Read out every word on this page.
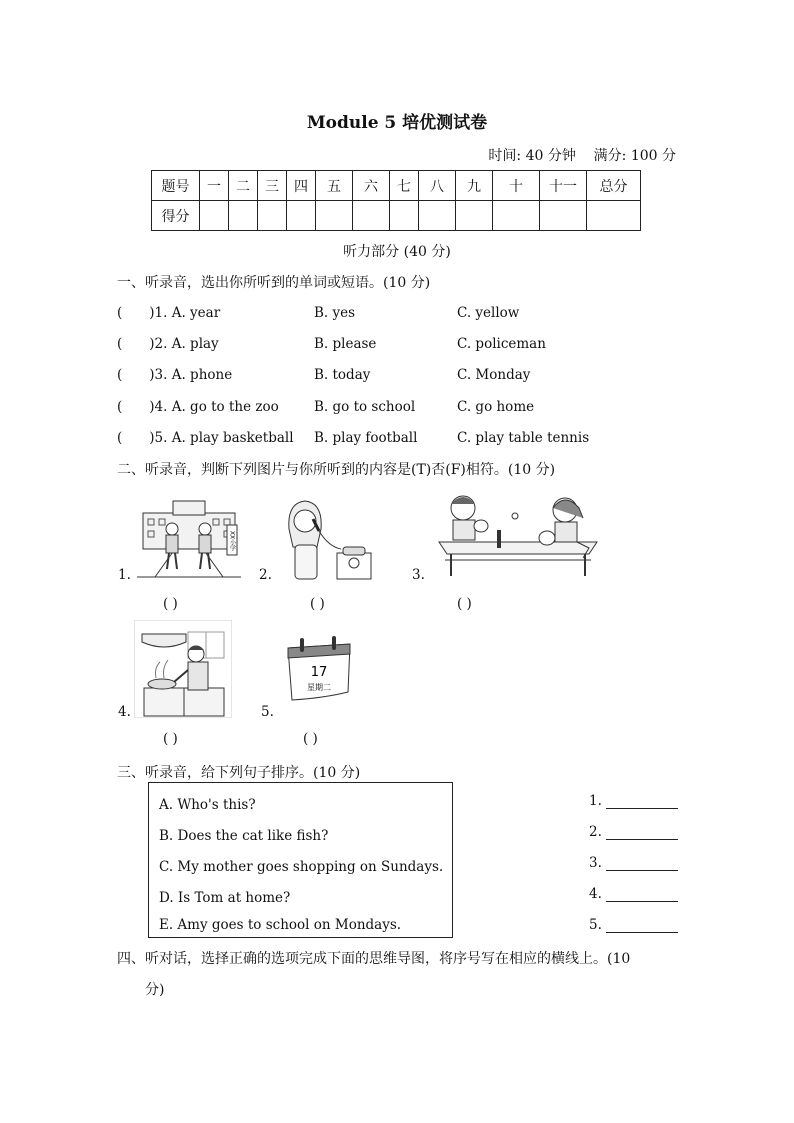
Module 5 培优测试卷
时间: 40 分钟 满分: 100 分
题号	一	二	三	四	五	六	七	八	九	十	十一	总分
得分												
听力部分 (40 分)
一、听录音，选出你所听到的单词或短语。(10 分)
( )1. A. year	B. yes	C. yellow
( )2. A. play	B. please	C. policeman
( )3. A. phone	B. today	C. Monday
( )4. A. go to the zoo	B. go to school	C. go home
( )5. A. play basketball B. play football	C. play table tennis
二、听录音，判断下列图片与你所听到的内容是(T)否(F)相符。(10 分)
1.
XX小学
( )
2.
( )
3.
( )
4.
( )
5.
17
星期二
( )
三、听录音，给下列句子排序。(10 分)
A. Who's this?
B. Does the cat like fish?
C. My mother goes shopping on Sundays.
D. Is Tom at home?
E. Amy goes to school on Mondays.
1.
2.
3.
4.
5.
四、听对话，选择正确的选项完成下面的思维导图，将序号写在相应的横线上。(10
分)
